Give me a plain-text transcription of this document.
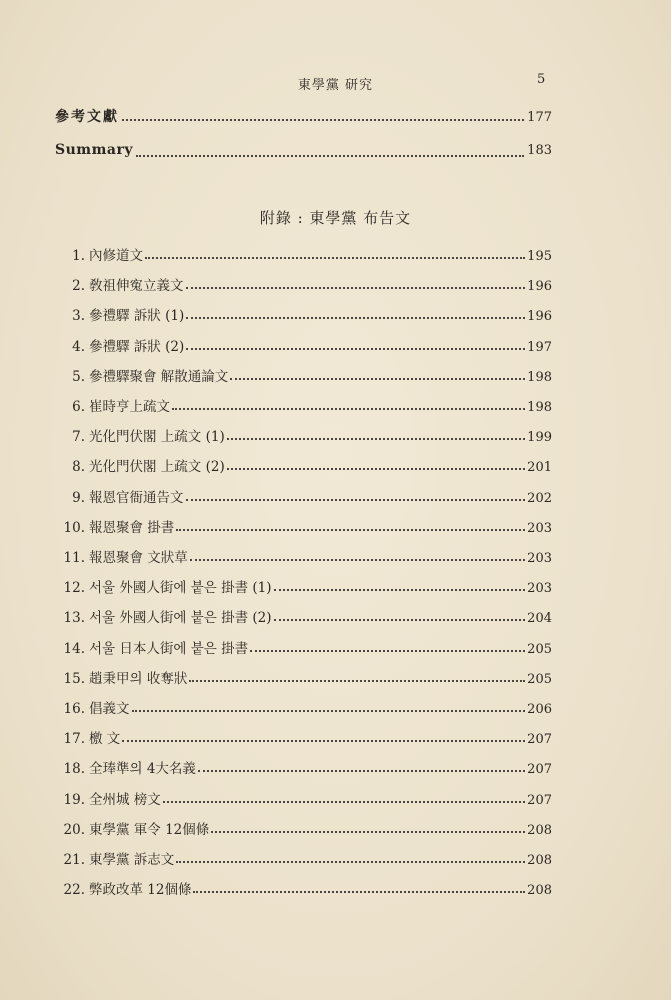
東學黨 研究	5
參考文獻	177
Summary	183
附錄 : 東學黨 布告文
1. 內修道文	195
2. 敎祖伸寃立義文	196
3. 參禮驛 訴狀 (1)	196
4. 參禮驛 訴狀 (2)	197
5. 參禮驛聚會 解散通論文	198
6. 崔時亨上疏文	198
7. 光化門伏閣 上疏文 (1)	199
8. 光化門伏閣 上疏文 (2)	201
9. 報恩官衙通告文	202
10. 報恩聚會 掛書	203
11. 報恩聚會 文狀草	203
12. 서울 外國人街에 붙은 掛書 (1)	203
13. 서울 外國人街에 붙은 掛書 (2)	204
14. 서울 日本人街에 붙은 掛書	205
15. 趙秉甲의 收奪狀	205
16. 倡義文	206
17. 檄 文	207
18. 全琫準의 4大名義	207
19. 全州城 榜文	207
20. 東學黨 軍令 12個條	208
21. 東學黨 訴志文	208
22. 弊政改革 12個條	208
